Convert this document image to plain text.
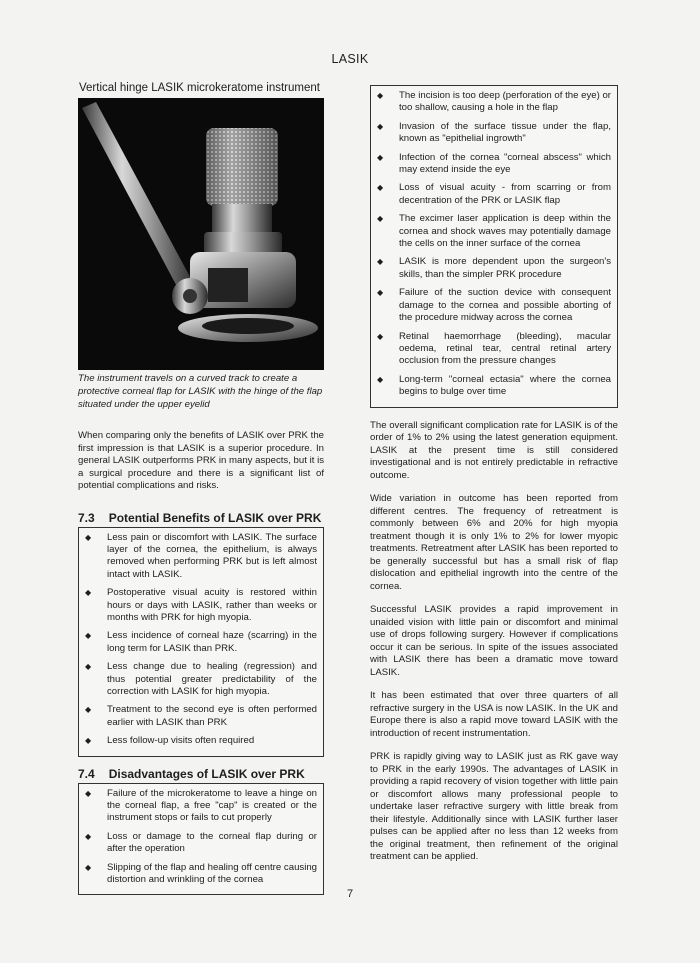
LASIK
Vertical hinge LASIK microkeratome instrument
The instrument travels on a curved track to create a protective corneal flap for LASIK with the hinge of the flap situated under the upper eyelid

When comparing only the benefits of LASIK over PRK the first impression is that LASIK is a superior procedure. In general LASIK outperforms PRK in many aspects, but it is a surgical procedure and there is a significant list of potential complications and risks.

7.3 Potential Benefits of LASIK over PRK
◆ Less pain or discomfort with LASIK. The surface layer of the cornea, the epithelium, is always removed when performing PRK but is left almost intact with LASIK.
◆ Postoperative visual acuity is restored within hours or days with LASIK, rather than weeks or months with PRK for high myopia.
◆ Less incidence of corneal haze (scarring) in the long term for LASIK than PRK.
◆ Less change due to healing (regression) and thus potential greater predictability of the correction with LASIK for high myopia.
◆ Treatment to the second eye is often performed earlier with LASIK than PRK
◆ Less follow-up visits often required
7.4 Disadvantages of LASIK over PRK
◆ Failure of the microkeratome to leave a hinge on the corneal flap, a free "cap" is created or the instrument stops or fails to cut properly
◆ Loss or damage to the corneal flap during or after the operation
◆ Slipping of the flap and healing off centre causing distortion and wrinkling of the cornea
◆ The incision is too deep (perforation of the eye) or too shallow, causing a hole in the flap
◆ Invasion of the surface tissue under the flap, known as "epithelial ingrowth"
◆ Infection of the cornea "corneal abscess" which may extend inside the eye
◆ Loss of visual acuity - from scarring or from decentration of the PRK or LASIK flap
◆ The excimer laser application is deep within the cornea and shock waves may potentially damage the cells on the inner surface of the cornea
◆ LASIK is more dependent upon the surgeon's skills, than the simpler PRK procedure
◆ Failure of the suction device with consequent damage to the cornea and possible aborting of the procedure midway across the cornea
◆ Retinal haemorrhage (bleeding), macular oedema, retinal tear, central retinal artery occlusion from the pressure changes
◆ Long-term "corneal ectasia" where the cornea begins to bulge over time

The overall significant complication rate for LASIK is of the order of 1% to 2% using the latest generation equipment. LASIK at the present time is still considered investigational and is not entirely predictable in refractive outcome.

Wide variation in outcome has been reported from different centres. The frequency of retreatment is commonly between 6% and 20% for high myopia treatment though it is only 1% to 2% for lower myopic treatments. Retreatment after LASIK has been reported to be generally successful but has a small risk of flap dislocation and epithelial ingrowth into the centre of the cornea.

Successful LASIK provides a rapid improvement in unaided vision with little pain or discomfort and minimal use of drops following surgery. However if complications occur it can be serious. In spite of the issues associated with LASIK there has been a dramatic move toward LASIK.

It has been estimated that over three quarters of all refractive surgery in the USA is now LASIK. In the UK and Europe there is also a rapid move toward LASIK with the introduction of recent instrumentation.

PRK is rapidly giving way to LASIK just as RK gave way to PRK in the early 1990s. The advantages of LASIK in providing a rapid recovery of vision together with little pain or discomfort allows many professional people to undertake laser refractive surgery with little break from their lifestyle. Additionally since with LASIK further laser pulses can be applied after no less than 12 weeks from the original treatment, then refinement of the original treatment can be applied.

7
